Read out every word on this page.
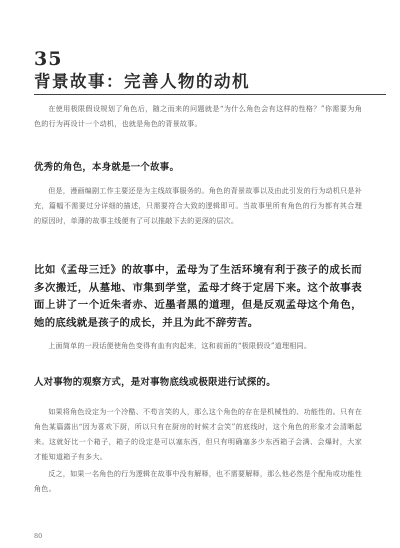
35
背景故事：完善人物的动机

在使用极限假设规划了角色后，随之而来的问题就是“为什么角色会有这样的性格？”你需要为角色的行为再设计一个动机，也就是角色的背景故事。

优秀的角色，本身就是一个故事。

但是，漫画编剧工作主要还是为主线故事服务的。角色的背景故事以及由此引发的行为动机只是补充，篇幅不需要过分详细的描述，只需要符合大致的逻辑即可。当故事里所有角色的行为都有其合理的原因时，单薄的故事主线便有了可以推敲下去的更深的层次。

比如《孟母三迁》的故事中，孟母为了生活环境有利于孩子的成长而多次搬迁，从墓地、市集到学堂，孟母才终于定居下来。这个故事表面上讲了一个近朱者赤、近墨者黑的道理，但是反观孟母这个角色，她的底线就是孩子的成长，并且为此不辞劳苦。

上面简单的一段话便使角色变得有血有肉起来，这和前面的“极限假设”道理相同。

人对事物的观察方式，是对事物底线或极限进行试探的。

如果将角色设定为一个冷酷、不苟言笑的人，那么这个角色的存在是机械性的、功能性的。只有在角色某篇露出“因为喜欢下厨，所以只有在厨房的时候才会笑”的底线时，这个角色的形象才会清晰起来。这就好比一个箱子，箱子的设定是可以塞东西，但只有明确塞多少东西箱子会满、会爆时，大家才能知道箱子有多大。

反之，如果一名角色的行为逻辑在故事中没有解释，也不需要解释，那么他必然是个配角或功能性角色。

80
